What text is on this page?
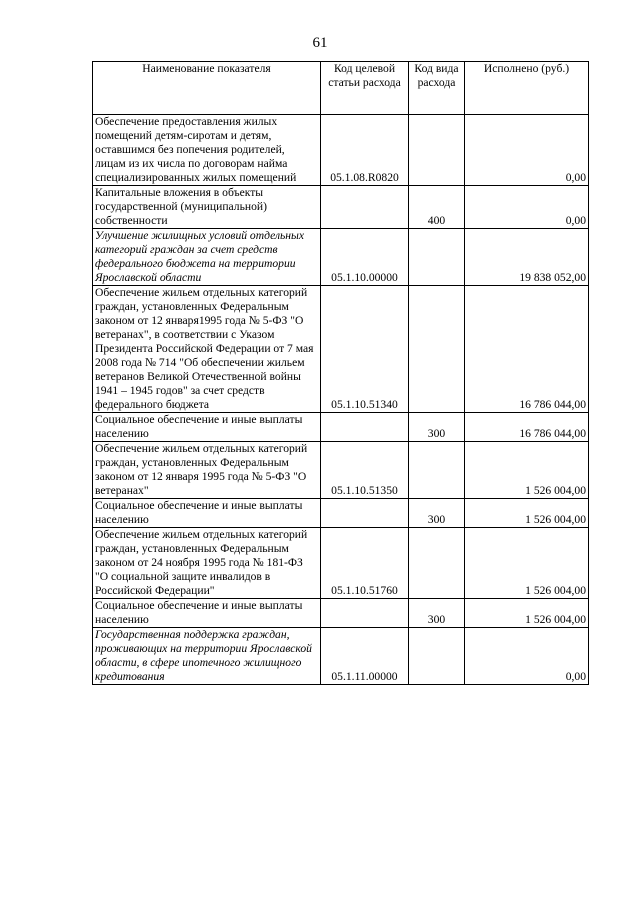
61
Наименование показателя	Код целевой статьи расхода	Код вида расхода	Исполнено (руб.)
Обеспечение предоставления жилых помещений детям-сиротам и детям, оставшимся без попечения родителей, лицам из их числа по договорам найма специализированных жилых помещений	05.1.08.R0820		0,00
Капитальные вложения в объекты государственной (муниципальной) собственности		400	0,00
Улучшение жилищных условий отдельных категорий граждан за счет средств федерального бюджета на территории Ярославской области	05.1.10.00000		19 838 052,00
Обеспечение жильем отдельных категорий граждан, установленных Федеральным законом от 12 января1995 года № 5-ФЗ "О ветеранах", в соответствии с Указом Президента Российской Федерации от 7 мая 2008 года № 714 "Об обеспечении жильем ветеранов Великой Отечественной войны 1941 – 1945 годов" за счет средств федерального бюджета	05.1.10.51340		16 786 044,00
Социальное обеспечение и иные выплаты населению		300	16 786 044,00
Обеспечение жильем отдельных категорий граждан, установленных Федеральным законом от 12 января 1995 года № 5-ФЗ "О ветеранах"	05.1.10.51350		1 526 004,00
Социальное обеспечение и иные выплаты населению		300	1 526 004,00
Обеспечение жильем отдельных категорий граждан, установленных Федеральным законом от 24 ноября 1995 года № 181-ФЗ "О социальной защите инвалидов в Российской Федерации"	05.1.10.51760		1 526 004,00
Социальное обеспечение и иные выплаты населению		300	1 526 004,00
Государственная поддержка граждан, проживающих на территории Ярославской области, в сфере ипотечного жилищного кредитования	05.1.11.00000		0,00
